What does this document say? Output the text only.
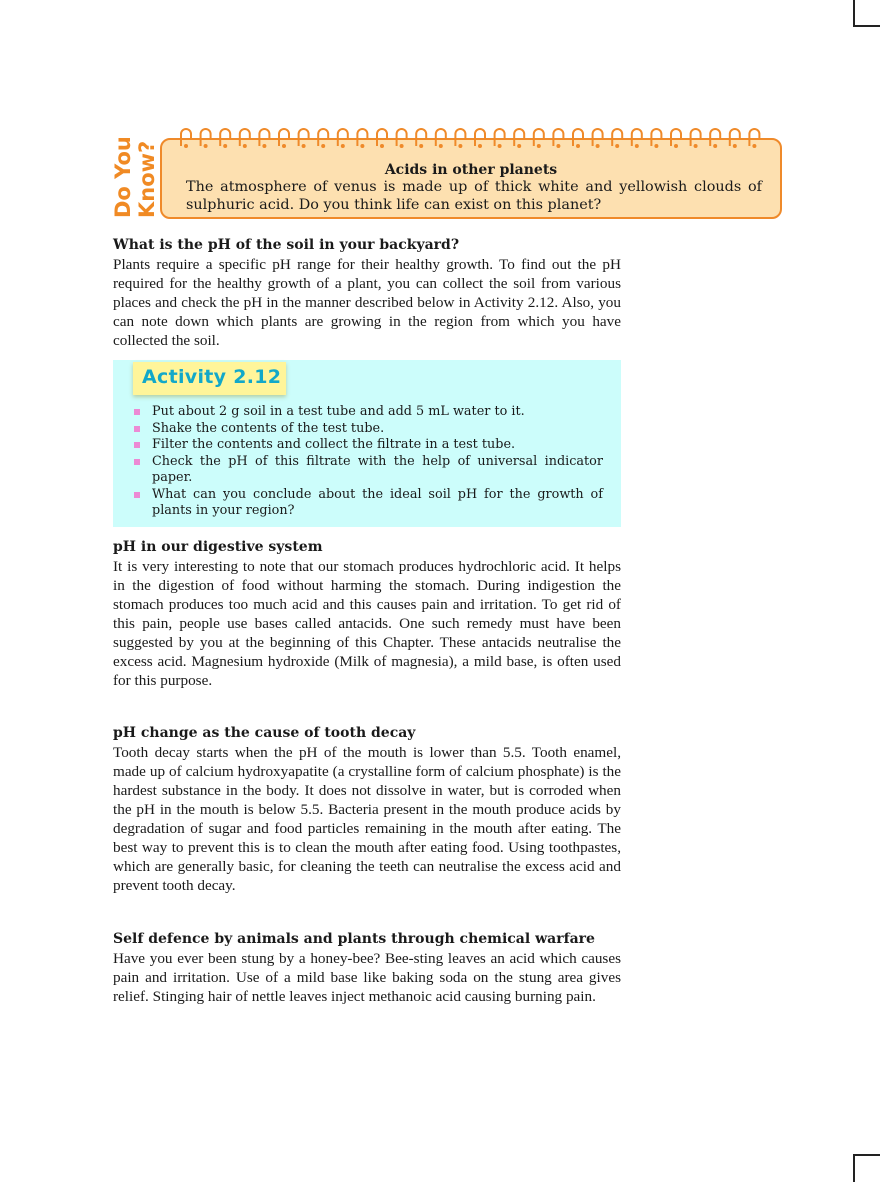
Do You Know?	Acids in other planets
The atmosphere of venus is made up of thick white and yellowish clouds of sulphuric acid. Do you think life can exist on this planet?

What is the pH of the soil in your backyard?

Plants require a specific pH range for their healthy growth. To find out the pH required for the healthy growth of a plant, you can collect the soil from various places and check the pH in the manner described below in Activity 2.12. Also, you can note down which plants are growing in the region from which you have collected the soil.

Activity 2.12
Put about 2 g soil in a test tube and add 5 mL water to it.
Shake the contents of the test tube.
Filter the contents and collect the filtrate in a test tube.
Check the pH of this filtrate with the help of universal indicator paper.
What can you conclude about the ideal soil pH for the growth of plants in your region?

pH in our digestive system

It is very interesting to note that our stomach produces hydrochloric acid. It helps in the digestion of food without harming the stomach. During indigestion the stomach produces too much acid and this causes pain and irritation. To get rid of this pain, people use bases called antacids. One such remedy must have been suggested by you at the beginning of this Chapter. These antacids neutralise the excess acid. Magnesium hydroxide (Milk of magnesia), a mild base, is often used for this purpose.

pH change as the cause of tooth decay

Tooth decay starts when the pH of the mouth is lower than 5.5. Tooth enamel, made up of calcium hydroxyapatite (a crystalline form of calcium phosphate) is the hardest substance in the body. It does not dissolve in water, but is corroded when the pH in the mouth is below 5.5. Bacteria present in the mouth produce acids by degradation of sugar and food particles remaining in the mouth after eating. The best way to prevent this is to clean the mouth after eating food. Using toothpastes, which are generally basic, for cleaning the teeth can neutralise the excess acid and prevent tooth decay.

Self defence by animals and plants through chemical warfare

Have you ever been stung by a honey-bee? Bee-sting leaves an acid which causes pain and irritation. Use of a mild base like baking soda on the stung area gives relief. Stinging hair of nettle leaves inject methanoic acid causing burning pain.
